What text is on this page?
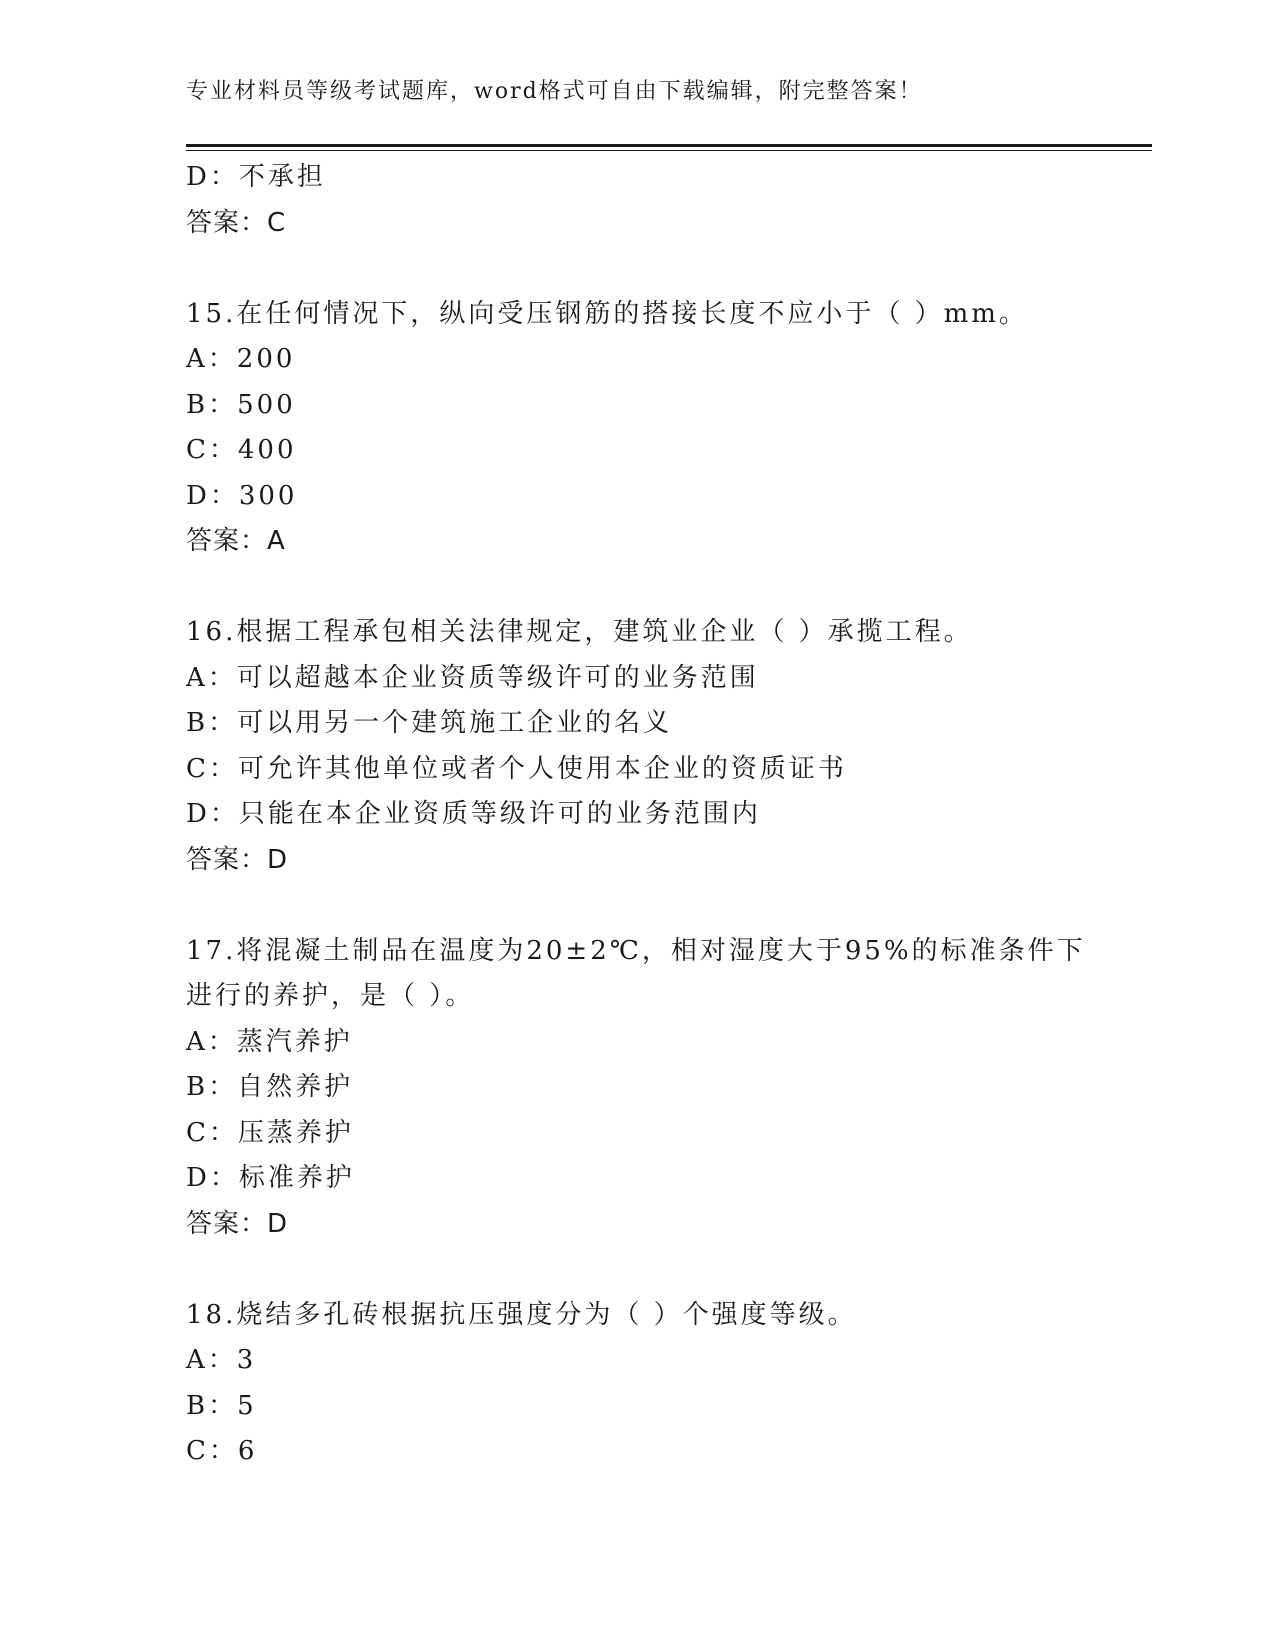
专业材料员等级考试题库，word格式可自由下载编辑，附完整答案！
D：不承担
答案：C
15.在任何情况下，纵向受压钢筋的搭接长度不应小于（ ）mm。
A：200
B：500
C：400
D：300
答案：A
16.根据工程承包相关法律规定，建筑业企业（ ）承揽工程。
A：可以超越本企业资质等级许可的业务范围
B：可以用另一个建筑施工企业的名义
C：可允许其他单位或者个人使用本企业的资质证书
D：只能在本企业资质等级许可的业务范围内
答案：D
17.将混凝土制品在温度为20±2℃，相对湿度大于95%的标准条件下
进行的养护，是（ ）。
A：蒸汽养护
B：自然养护
C：压蒸养护
D：标准养护
答案：D
18.烧结多孔砖根据抗压强度分为（ ）个强度等级。
A：3
B：5
C：6
